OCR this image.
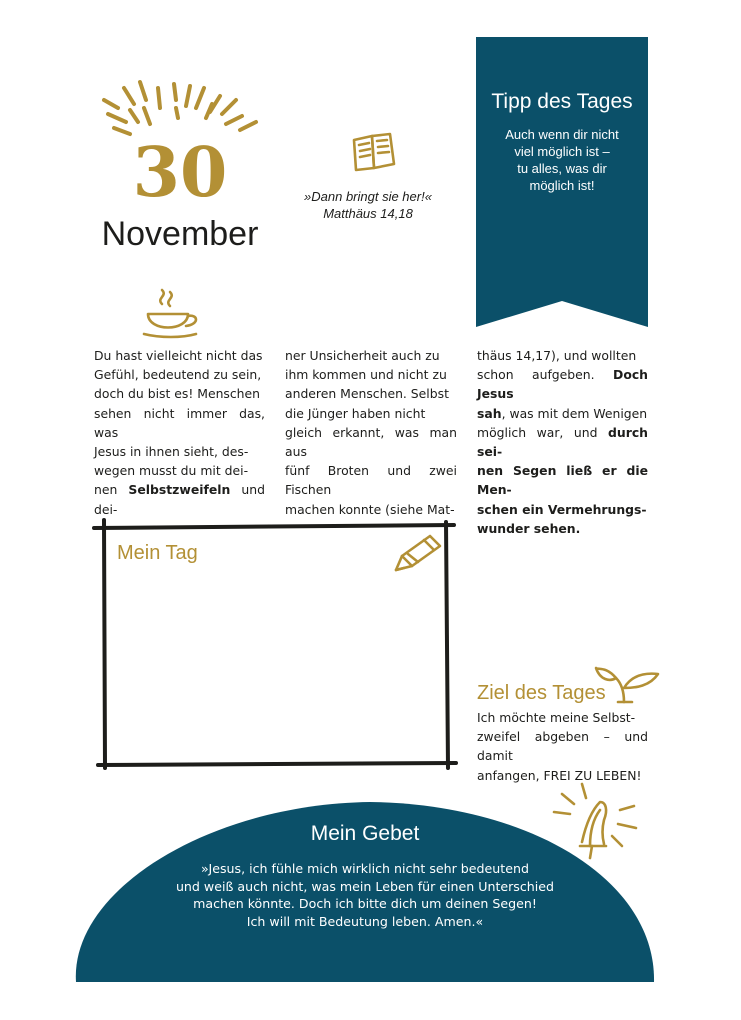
30
November
»Dann bringt sie her!«
Matthäus 14,18
Tipp des Tages
Auch wenn dir nicht
viel möglich ist –
tu alles, was dir
möglich ist!
Du hast vielleicht nicht das
Gefühl, bedeutend zu sein,
doch du bist es! Menschen
sehen nicht immer das, was
Jesus in ihnen sieht, des-
wegen musst du mit dei-
nen Selbstzweifeln und dei-
ner Unsicherheit auch zu
ihm kommen und nicht zu
anderen Menschen. Selbst
die Jünger haben nicht
gleich erkannt, was man aus
fünf Broten und zwei Fischen
machen konnte (siehe Mat-
thäus 14,17), und wollten
schon aufgeben. Doch Jesus
sah, was mit dem Wenigen
möglich war, und durch sei-
nen Segen ließ er die Men-
schen ein Vermehrungs-
wunder sehen.
Mein Tag
Ziel des Tages
Ich möchte meine Selbst-
zweifel abgeben – und damit
anfangen, FREI ZU LEBEN!
Mein Gebet
»Jesus, ich fühle mich wirklich nicht sehr bedeutend
und weiß auch nicht, was mein Leben für einen Unterschied
machen könnte. Doch ich bitte dich um deinen Segen!
Ich will mit Bedeutung leben. Amen.«
